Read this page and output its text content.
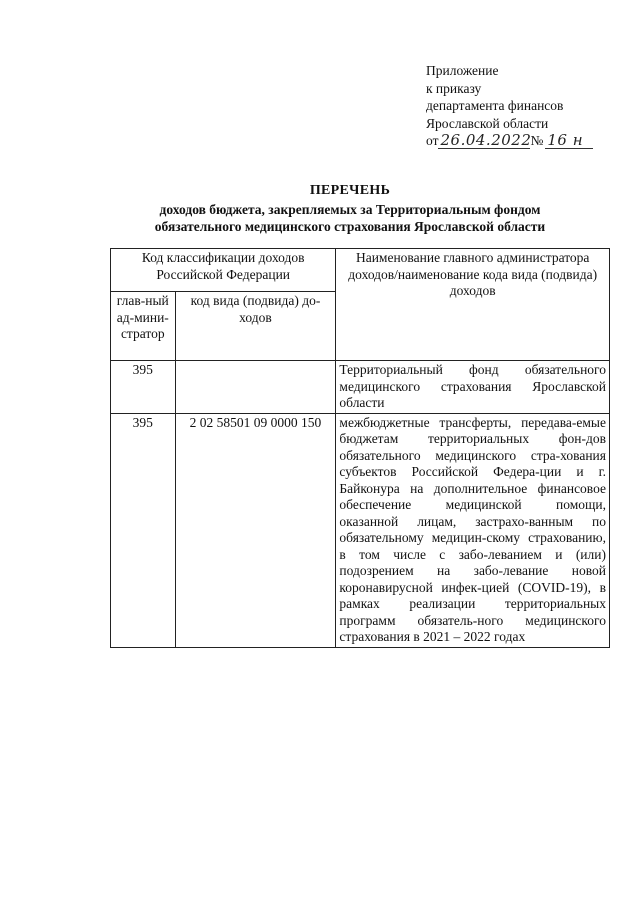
Приложение
к приказу
департамента финансов
Ярославской области
от 26.04.2022 № 16 н
ПЕРЕЧЕНЬ
доходов бюджета, закрепляемых за Территориальным фондом
обязательного медицинского страхования Ярославской области
Код классификации доходов Российской Федерации		Наименование главного администратора доходов/наименование кода вида (подвида) доходов
глав-ный ад-мини-стратор	код вида (подвида) до-ходов	
395		Территориальный фонд обязательного медицинского страхования Ярославской области
395	2 02 58501 09 0000 150	межбюджетные трансферты, передава-емые бюджетам территориальных фон-дов обязательного медицинского стра-хования субъектов Российской Федера-ции и г. Байконура на дополнительное финансовое обеспечение медицинской помощи, оказанной лицам, застрахо-ванным по обязательному медицин-скому страхованию, в том числе с забо-леванием и (или) подозрением на забо-левание новой коронавирусной инфек-цией (COVID-19), в рамках реализации территориальных программ обязатель-ного медицинского страхования в 2021 – 2022 годах
